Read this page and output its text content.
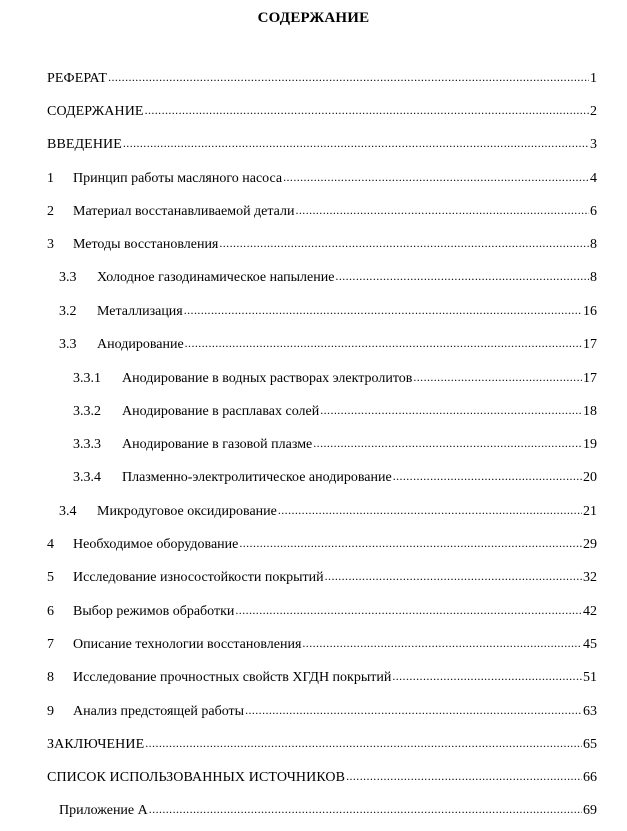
СОДЕРЖАНИЕ
РЕФЕРАТ .....	1
СОДЕРЖАНИЕ .....	2
ВВЕДЕНИЕ .....	3
1	Принцип работы масляного насоса .....	4
2	Материал восстанавливаемой детали .....	6
3	Методы восстановления .....	8
3.3	Холодное газодинамическое напыление .....	8
3.2	Металлизация .....	16
3.3	Анодирование .....	17
3.3.1	Анодирование в водных растворах электролитов .....	17
3.3.2	Анодирование в расплавах солей .....	18
3.3.3	Анодирование в газовой плазме .....	19
3.3.4	Плазменно-электролитическое анодирование .....	20
3.4	Микродуговое оксидирование .....	21
4	Необходимое оборудование .....	29
5	Исследование износостойкости покрытий .....	32
6	Выбор режимов обработки .....	42
7	Описание технологии восстановления .....	45
8	Исследование прочностных свойств ХГДН покрытий .....	51
9	Анализ предстоящей работы .....	63
ЗАКЛЮЧЕНИЕ .....	65
СПИСОК ИСПОЛЬЗОВАННЫХ ИСТОЧНИКОВ .....	66
Приложение А .....	69
